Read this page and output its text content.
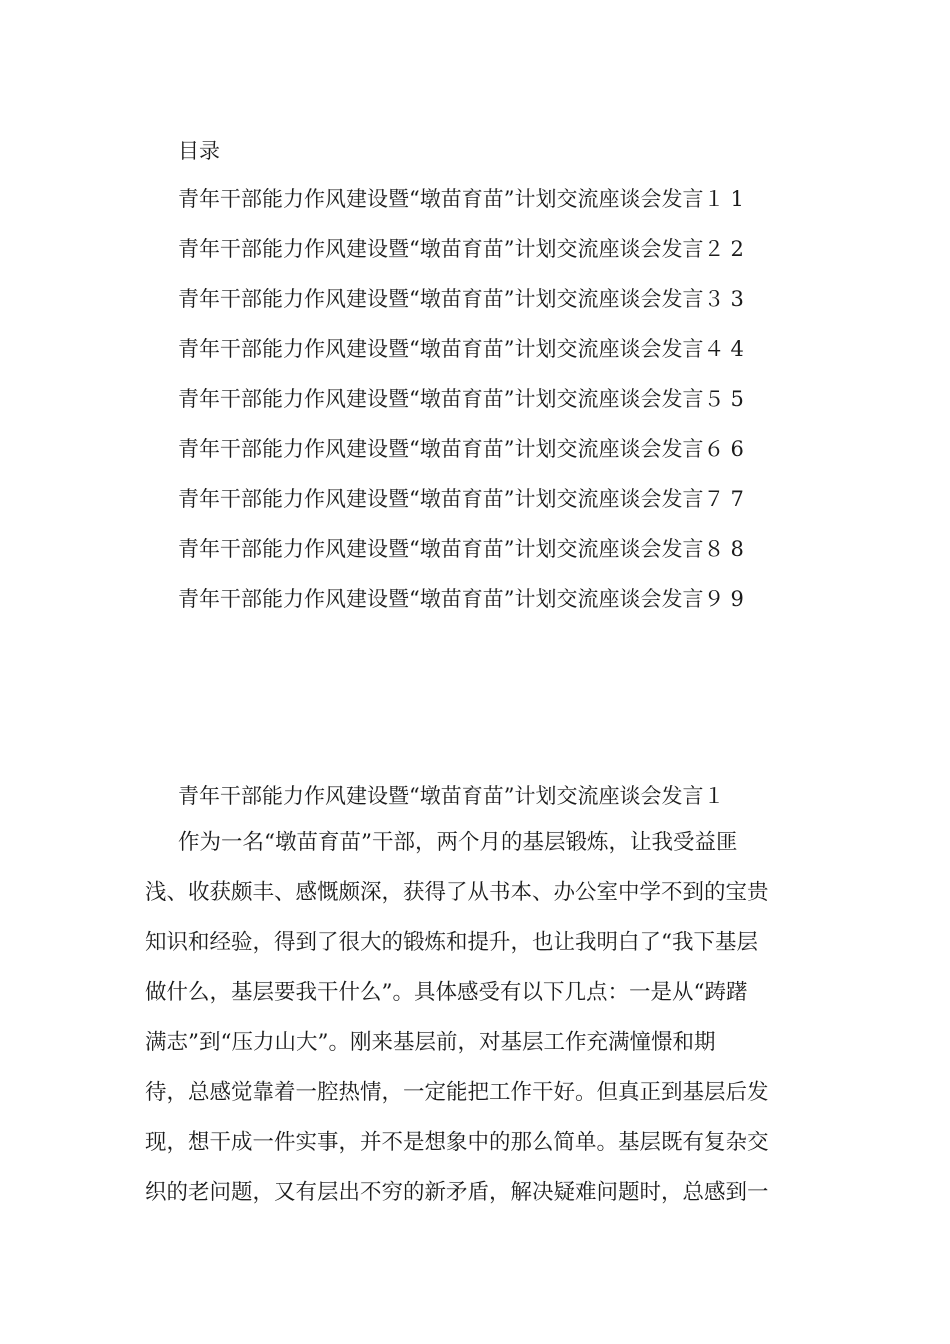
目录
青年干部能力作风建设暨“墩苗育苗”计划交流座谈会发言１ 1
青年干部能力作风建设暨“墩苗育苗”计划交流座谈会发言２ 2
青年干部能力作风建设暨“墩苗育苗”计划交流座谈会发言３ 3
青年干部能力作风建设暨“墩苗育苗”计划交流座谈会发言４ 4
青年干部能力作风建设暨“墩苗育苗”计划交流座谈会发言５ 5
青年干部能力作风建设暨“墩苗育苗”计划交流座谈会发言６ 6
青年干部能力作风建设暨“墩苗育苗”计划交流座谈会发言７ 7
青年干部能力作风建设暨“墩苗育苗”计划交流座谈会发言８ 8
青年干部能力作风建设暨“墩苗育苗”计划交流座谈会发言９ 9
青年干部能力作风建设暨“墩苗育苗”计划交流座谈会发言１
作为一名“墩苗育苗”干部，两个月的基层锻炼，让我受益匪
浅、收获颇丰、感慨颇深，获得了从书本、办公室中学不到的宝贵
知识和经验，得到了很大的锻炼和提升，也让我明白了“我下基层
做什么，基层要我干什么”。具体感受有以下几点：一是从“踌躇
满志”到“压力山大”。刚来基层前，对基层工作充满憧憬和期
待，总感觉靠着一腔热情，一定能把工作干好。但真正到基层后发
现，想干成一件实事，并不是想象中的那么简单。基层既有复杂交
织的老问题，又有层出不穷的新矛盾，解决疑难问题时，总感到一
